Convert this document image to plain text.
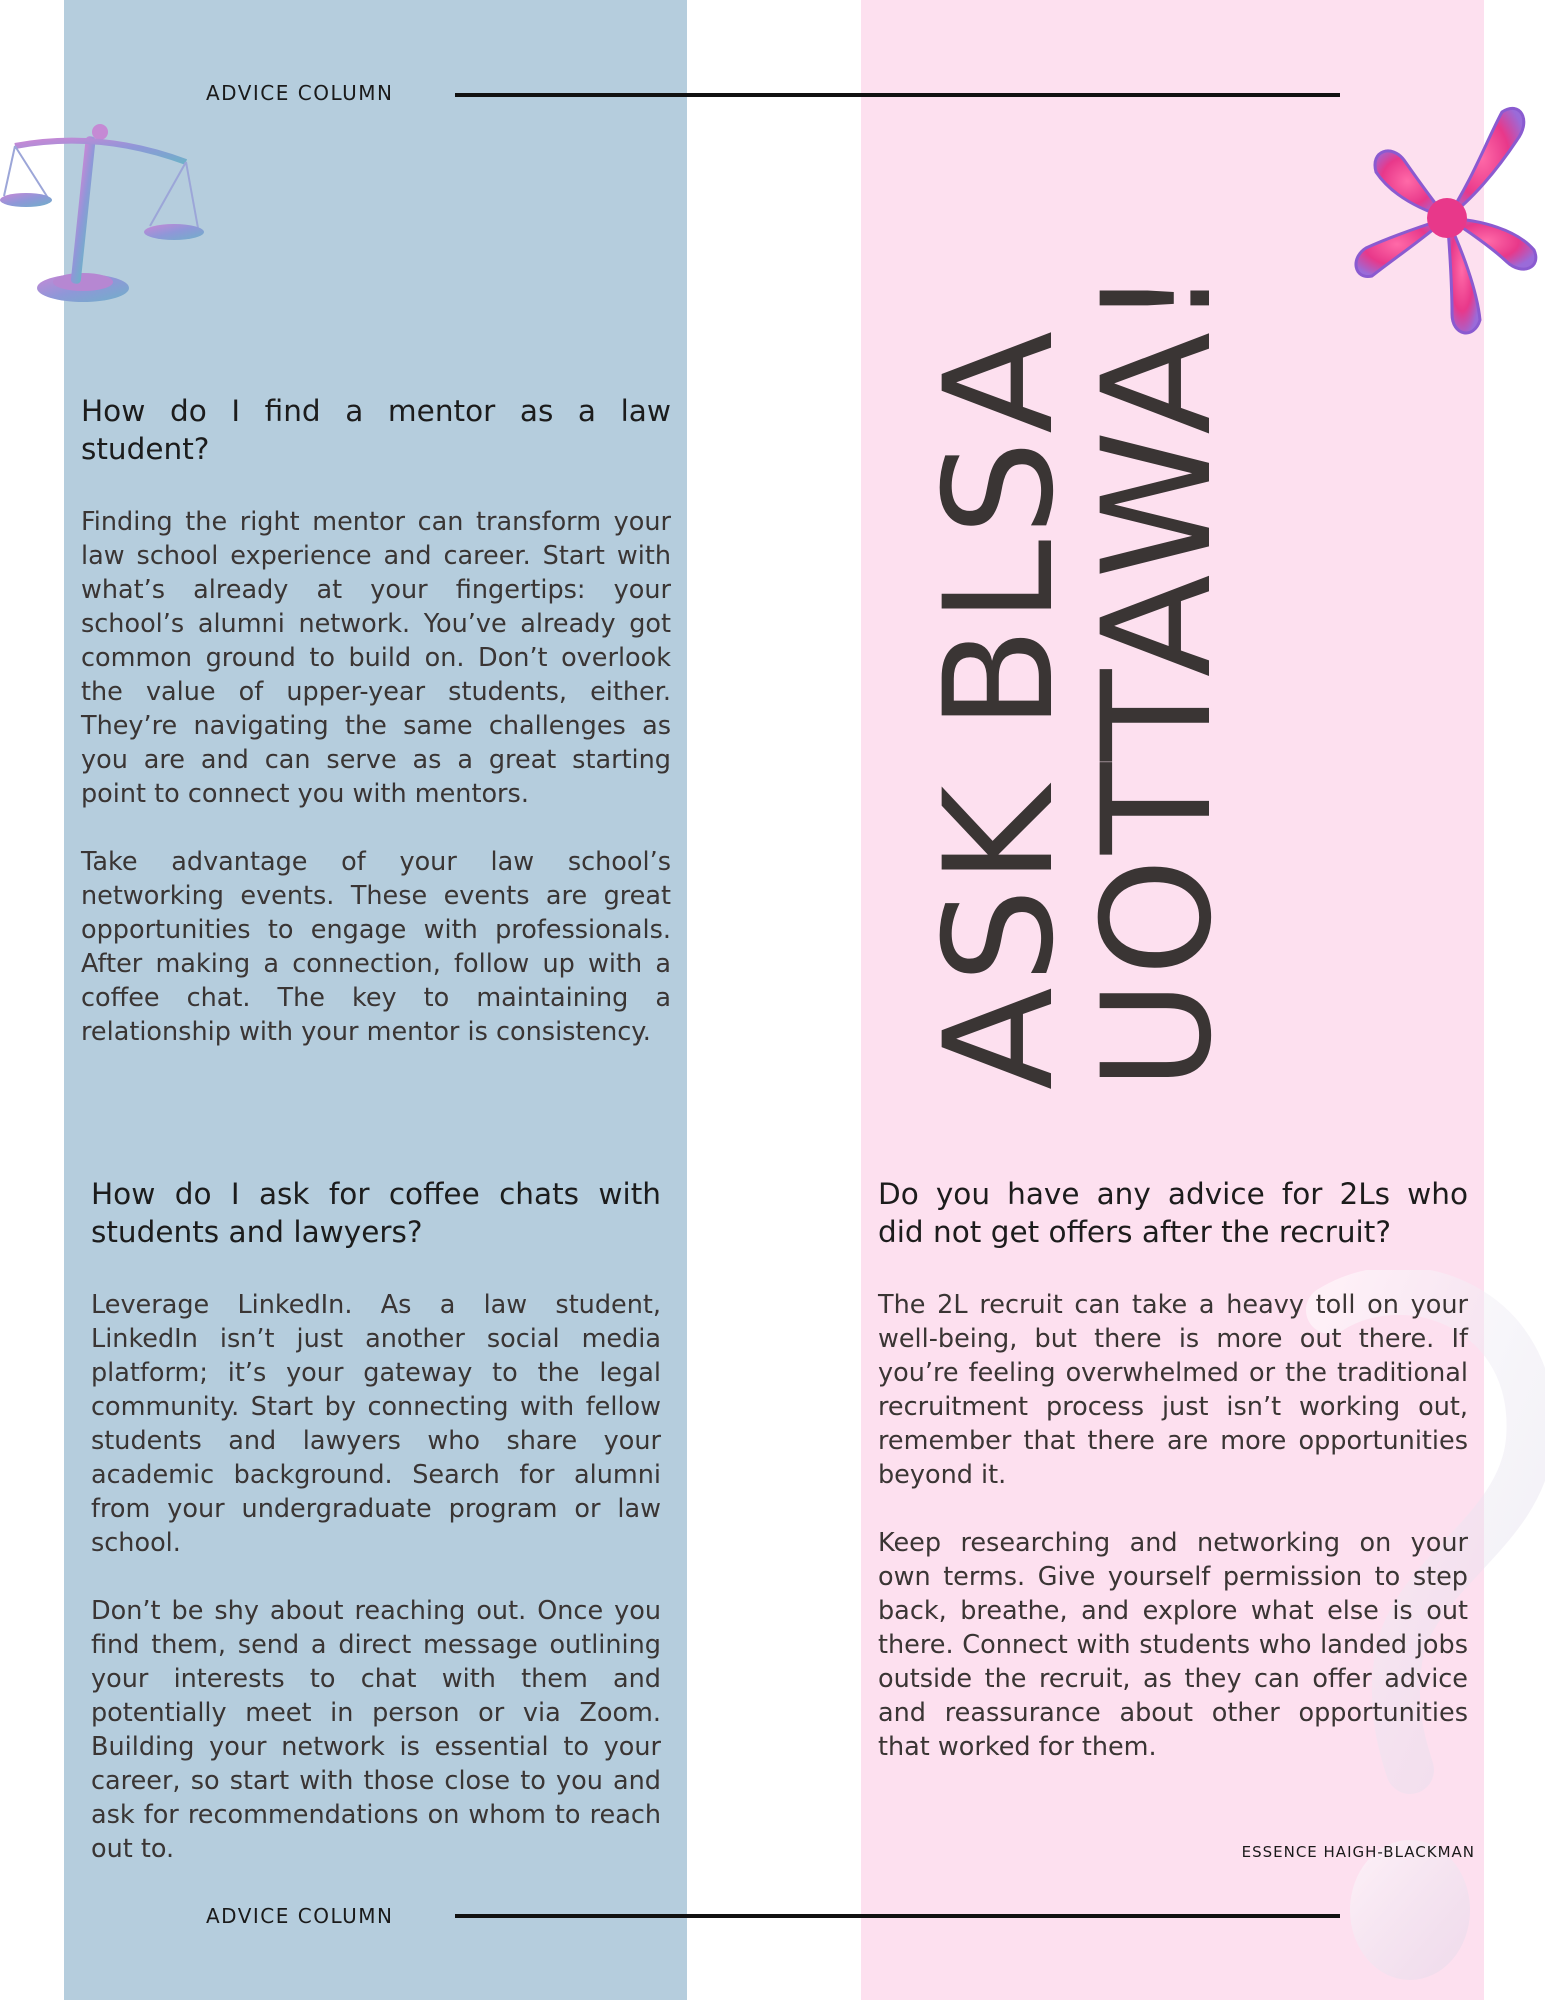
ADVICE COLUMN
ASK BLSA
UOTTAWA!
How do I find a mentor as a law student?

Finding the right mentor can transform your law school experience and career. Start with what’s already at your fingertips: your school’s alumni network. You’ve already got common ground to build on. Don’t overlook the value of upper-year students, either. They’re navigating the same challenges as you are and can serve as a great starting point to connect you with mentors.

Take advantage of your law school’s networking events. These events are great opportunities to engage with professionals. After making a connection, follow up with a coffee chat. The key to maintaining a relationship with your mentor is consistency.

How do I ask for coffee chats with students and lawyers?

Leverage LinkedIn. As a law student, LinkedIn isn’t just another social media platform; it’s your gateway to the legal community. Start by connecting with fellow students and lawyers who share your academic background. Search for alumni from your undergraduate program or law school.

Don’t be shy about reaching out. Once you find them, send a direct message outlining your interests to chat with them and potentially meet in person or via Zoom. Building your network is essential to your career, so start with those close to you and ask for recommendations on whom to reach out to.

Do you have any advice for 2Ls who did not get offers after the recruit?

The 2L recruit can take a heavy toll on your well-being, but there is more out there. If you’re feeling overwhelmed or the traditional recruitment process just isn’t working out, remember that there are more opportunities beyond it.

Keep researching and networking on your own terms. Give yourself permission to step back, breathe, and explore what else is out there. Connect with students who landed jobs outside the recruit, as they can offer advice and reassurance about other opportunities that worked for them.

ESSENCE HAIGH-BLACKMAN
ADVICE COLUMN
